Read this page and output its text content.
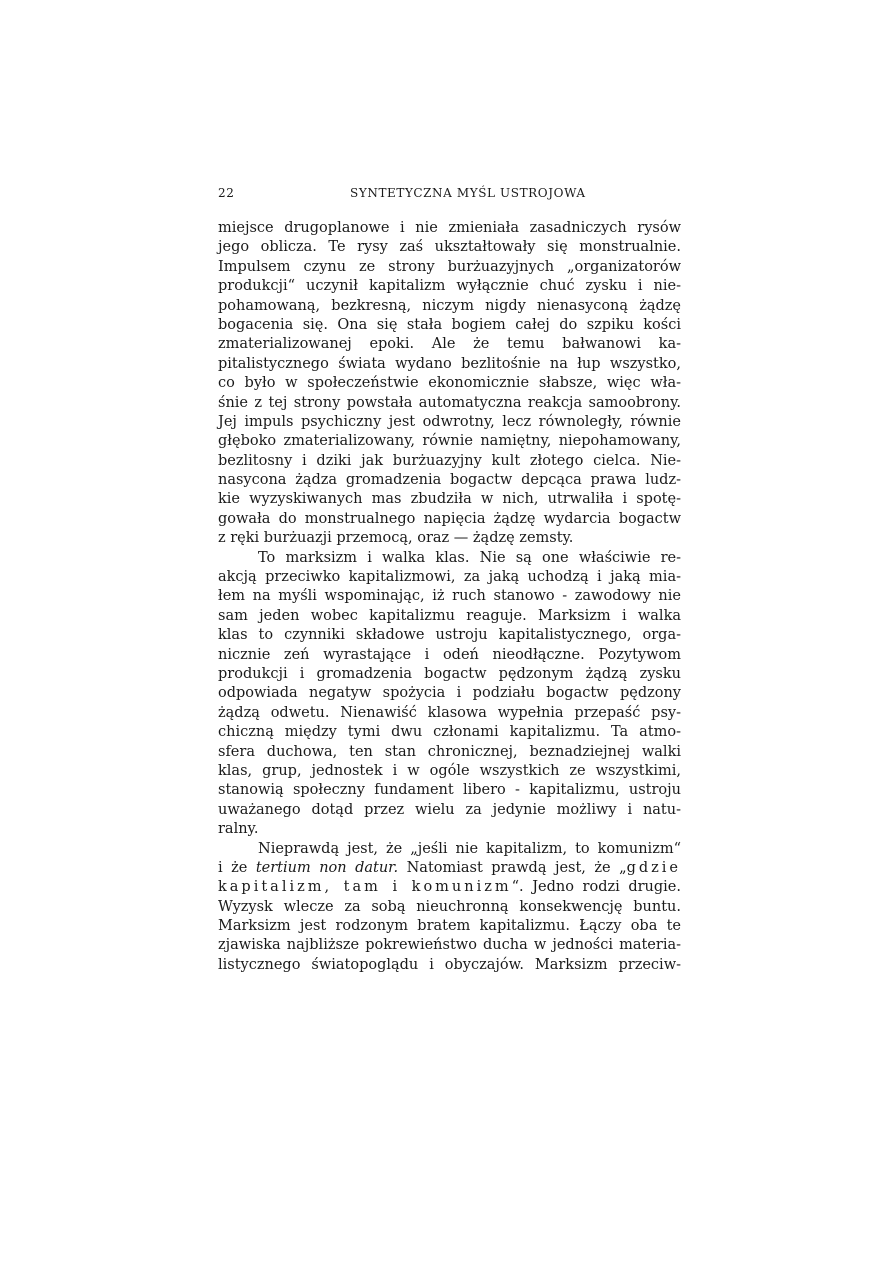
22	SYNTETYCZNA MYŚL USTROJOWA
miejsce drugoplanowe i nie zmieniała zasadniczych rysów
jego oblicza. Te rysy zaś ukształtowały się monstrualnie.
Impulsem czynu ze strony burżuazyjnych „organizatorów
produkcji“ uczynił kapitalizm wyłącznie chuć zysku i nie-
pohamowaną, bezkresną, niczym nigdy nienasyconą żądzę
bogacenia się. Ona się stała bogiem całej do szpiku kości
zmaterializowanej epoki. Ale że temu bałwanowi ka-
pitalistycznego świata wydano bezlitośnie na łup wszystko,
co było w społeczeństwie ekonomicznie słabsze, więc wła-
śnie z tej strony powstała automatyczna reakcja samoobrony.
Jej impuls psychiczny jest odwrotny, lecz równoległy, równie
głęboko zmaterializowany, równie namiętny, niepohamowany,
bezlitosny i dziki jak burżuazyjny kult złotego cielca. Nie-
nasycona żądza gromadzenia bogactw depcąca prawa ludz-
kie wyzyskiwanych mas zbudziła w nich, utrwaliła i spotę-
gowała do monstrualnego napięcia żądzę wydarcia bogactw
z ręki burżuazji przemocą, oraz — żądzę zemsty.
To marksizm i walka klas. Nie są one właściwie re-
akcją przeciwko kapitalizmowi, za jaką uchodzą i jaką mia-
łem na myśli wspominając, iż ruch stanowo - zawodowy nie
sam jeden wobec kapitalizmu reaguje. Marksizm i walka
klas to czynniki składowe ustroju kapitalistycznego, orga-
nicznie zeń wyrastające i odeń nieodłączne. Pozytywom
produkcji i gromadzenia bogactw pędzonym żądzą zysku
odpowiada negatyw spożycia i podziału bogactw pędzony
żądzą odwetu. Nienawiść klasowa wypełnia przepaść psy-
chiczną między tymi dwu członami kapitalizmu. Ta atmo-
sfera duchowa, ten stan chronicznej, beznadziejnej walki
klas, grup, jednostek i w ogóle wszystkich ze wszystkimi,
stanowią społeczny fundament libero - kapitalizmu, ustroju
uważanego dotąd przez wielu za jedynie możliwy i natu-
ralny.
Nieprawdą jest, że „jeśli nie kapitalizm, to komunizm“
i że tertium non datur. Natomiast prawdą jest, że „gdzie
kapitalizm, tam i komunizm“. Jedno rodzi drugie.
Wyzysk wlecze za sobą nieuchronną konsekwencję buntu.
Marksizm jest rodzonym bratem kapitalizmu. Łączy oba te
zjawiska najbliższe pokrewieństwo ducha w jedności materia-
listycznego światopoglądu i obyczajów. Marksizm przeciw-
